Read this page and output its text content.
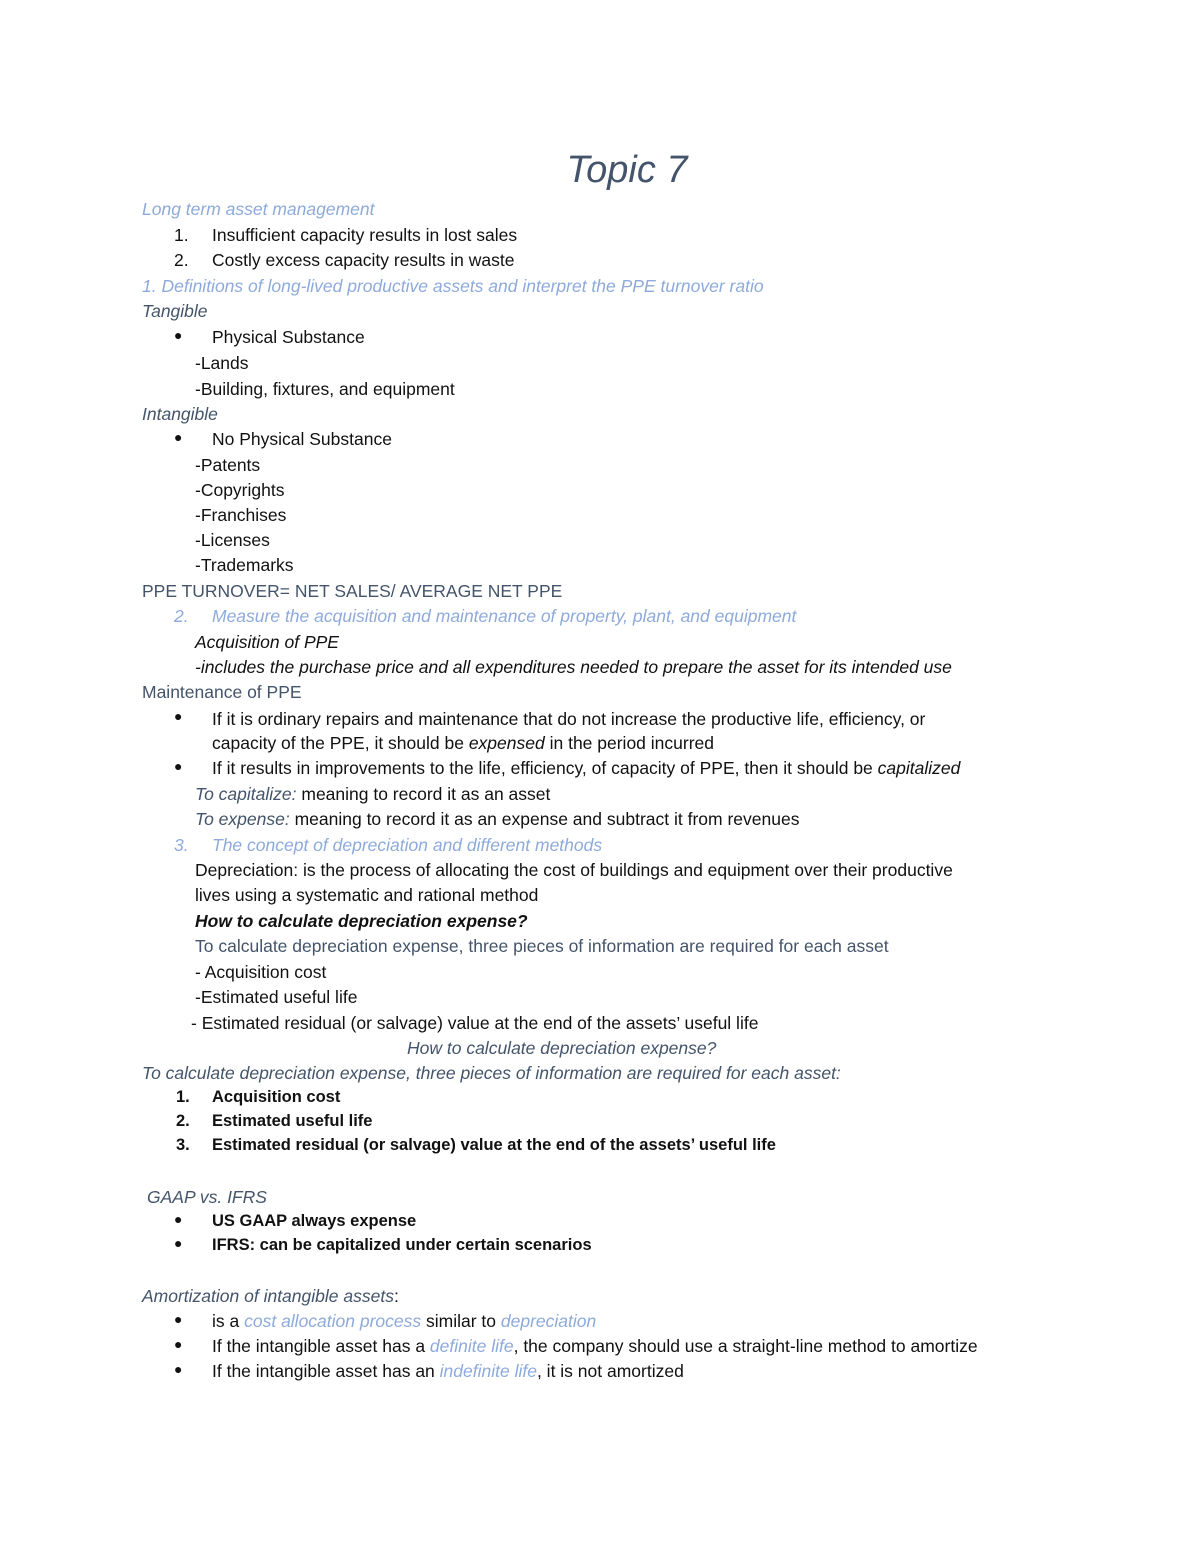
Topic 7
Long term asset management
1. Insufficient capacity results in lost sales
2. Costly excess capacity results in waste
1. Definitions of long-lived productive assets and interpret the PPE turnover ratio
Tangible
● Physical Substance
-Lands
-Building, fixtures, and equipment
Intangible
● No Physical Substance
-Patents
-Copyrights
-Franchises
-Licenses
-Trademarks
PPE TURNOVER= NET SALES/ AVERAGE NET PPE
2. Measure the acquisition and maintenance of property, plant, and equipment
Acquisition of PPE
-includes the purchase price and all expenditures needed to prepare the asset for its intended use
Maintenance of PPE
● If it is ordinary repairs and maintenance that do not increase the productive life, efficiency, or
capacity of the PPE, it should be expensed in the period incurred
● If it results in improvements to the life, efficiency, of capacity of PPE, then it should be capitalized
To capitalize: meaning to record it as an asset
To expense: meaning to record it as an expense and subtract it from revenues
3. The concept of depreciation and different methods
Depreciation: is the process of allocating the cost of buildings and equipment over their productive
lives using a systematic and rational method
How to calculate depreciation expense?
To calculate depreciation expense, three pieces of information are required for each asset
- Acquisition cost
-Estimated useful life
- Estimated residual (or salvage) value at the end of the assets’ useful life
How to calculate depreciation expense?
To calculate depreciation expense, three pieces of information are required for each asset:
1. Acquisition cost
2. Estimated useful life
3. Estimated residual (or salvage) value at the end of the assets’ useful life
GAAP vs. IFRS
● US GAAP always expense
● IFRS: can be capitalized under certain scenarios
Amortization of intangible assets:
● is a cost allocation process similar to depreciation
● If the intangible asset has a definite life, the company should use a straight-line method to amortize
● If the intangible asset has an indefinite life, it is not amortized
